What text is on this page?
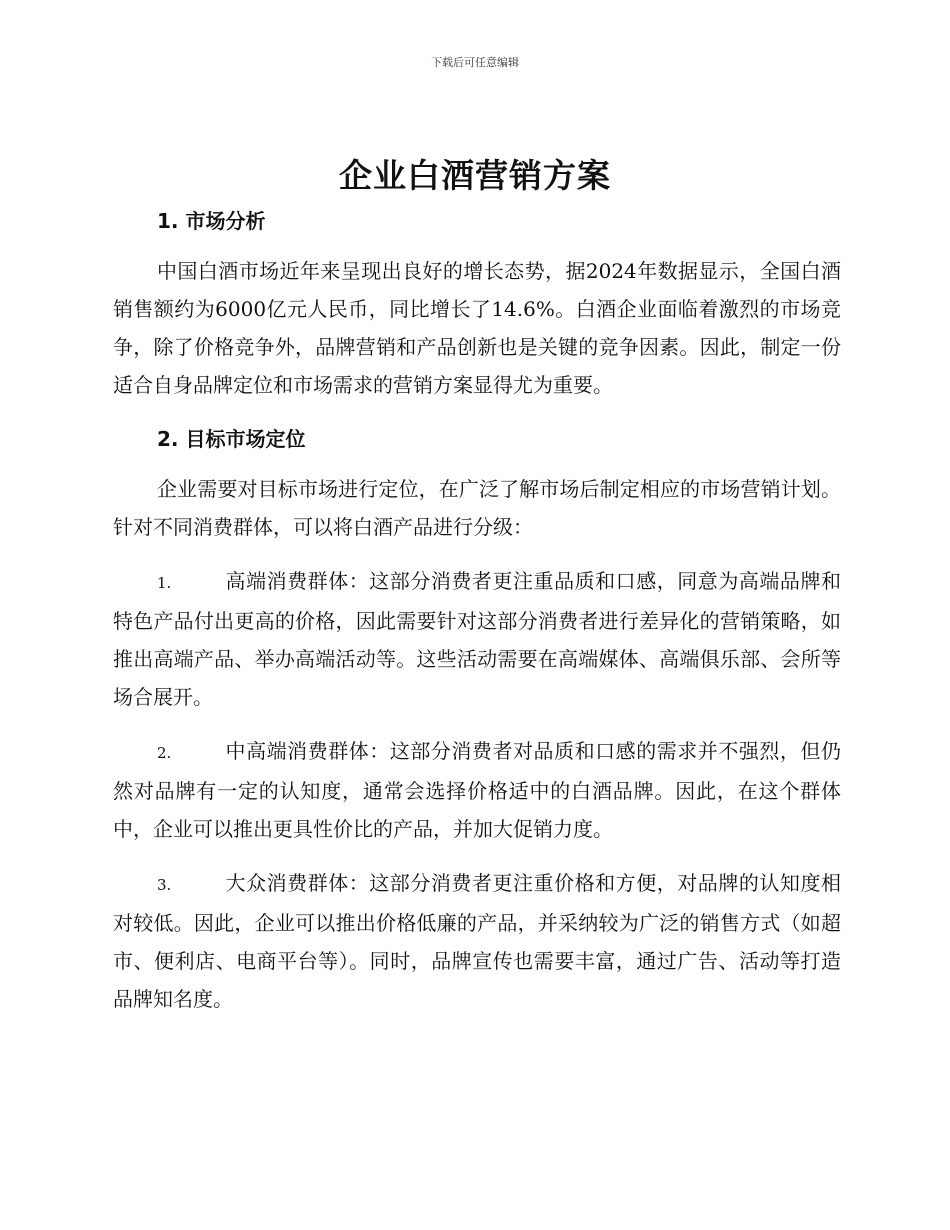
下载后可任意编辑
企业白酒营销方案
1. 市场分析

中国白酒市场近年来呈现出良好的增长态势，据2024年数据显示，全国白酒销售额约为6000亿元人民币，同比增长了14.6%。白酒企业面临着激烈的市场竞争，除了价格竞争外，品牌营销和产品创新也是关键的竞争因素。因此，制定一份适合自身品牌定位和市场需求的营销方案显得尤为重要。

2. 目标市场定位

企业需要对目标市场进行定位，在广泛了解市场后制定相应的市场营销计划。针对不同消费群体，可以将白酒产品进行分级：

1.	高端消费群体：这部分消费者更注重品质和口感，同意为高端品牌和特色产品付出更高的价格，因此需要针对这部分消费者进行差异化的营销策略，如推出高端产品、举办高端活动等。这些活动需要在高端媒体、高端俱乐部、会所等场合展开。

2.	中高端消费群体：这部分消费者对品质和口感的需求并不强烈，但仍然对品牌有一定的认知度，通常会选择价格适中的白酒品牌。因此，在这个群体中，企业可以推出更具性价比的产品，并加大促销力度。

3.	大众消费群体：这部分消费者更注重价格和方便，对品牌的认知度相对较低。因此，企业可以推出价格低廉的产品，并采纳较为广泛的销售方式（如超市、便利店、电商平台等）。同时，品牌宣传也需要丰富，通过广告、活动等打造品牌知名度。
